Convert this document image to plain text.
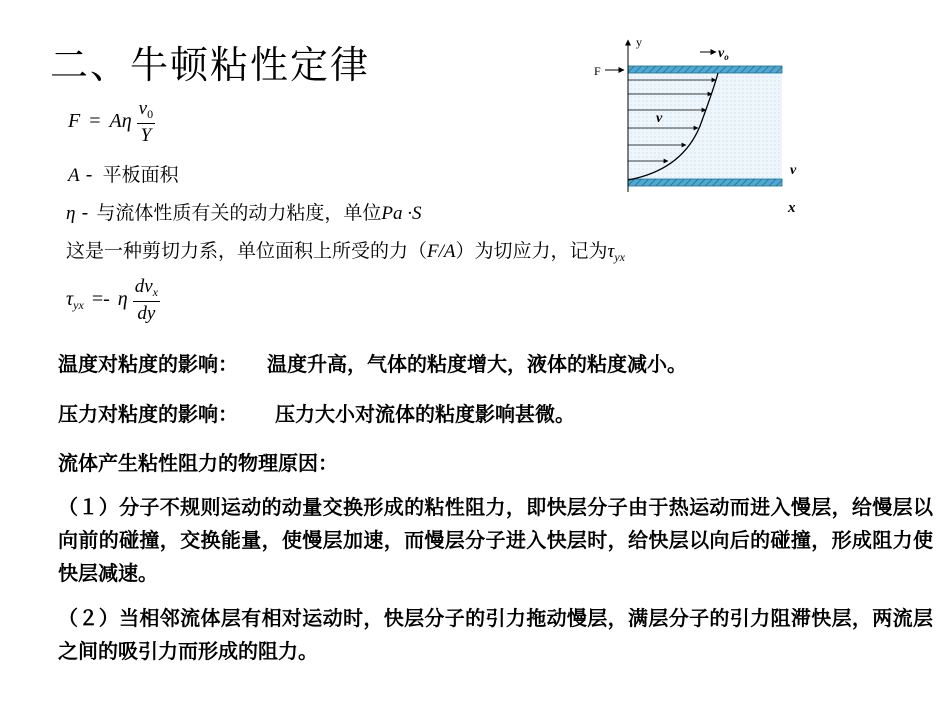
二、牛顿粘性定律
F = Aη $\frac{v_0}{Y}$
A - 平板面积
η - 与流体性质有关的动力粘度，单位Pa ·S
这是一种剪切力系，单位面积上所受的力（F/A）为切应力，记为$\tau_{yx}$
$\tau_{yx} =- \eta \frac{dv_x}{dy}$
温度对粘度的影响： 温度升高，气体的粘度增大，液体的粘度减小。
压力对粘度的影响： 压力大小对流体的粘度影响甚微。
流体产生粘性阻力的物理原因：
（１）分子不规则运动的动量交换形成的粘性阻力，即快层分子由于热运动而进入慢层，给慢层以向前的碰撞，交换能量，使慢层加速，而慢层分子进入快层时，给快层以向后的碰撞，形成阻力使快层减速。
（２）当相邻流体层有相对运动时，快层分子的引力拖动慢层，满层分子的引力阻滞快层，两流层之间的吸引力而形成的阻力。
y
F
$v_o$
v
v
x
